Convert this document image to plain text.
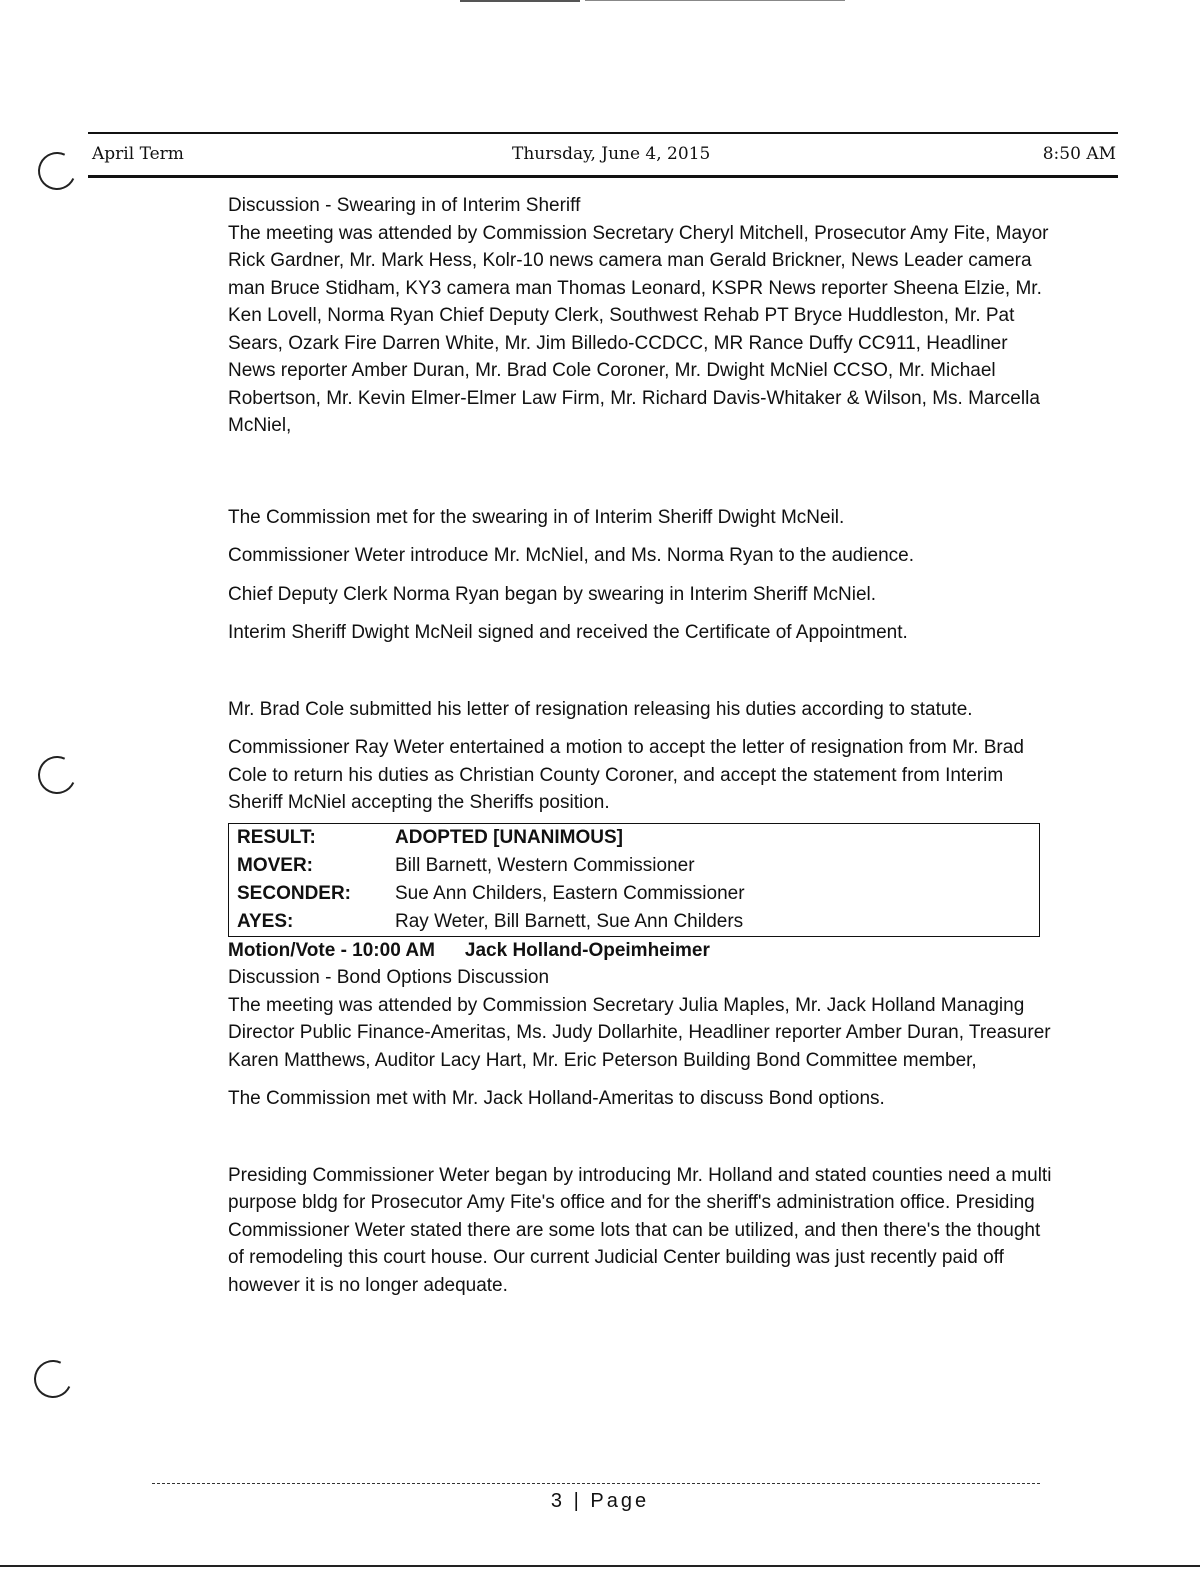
April Term	Thursday, June 4, 2015	8:50 AM

Discussion - Swearing in of Interim Sheriff

The meeting was attended by Commission Secretary Cheryl Mitchell, Prosecutor Amy Fite, Mayor Rick Gardner, Mr. Mark Hess, Kolr-10 news camera man Gerald Brickner, News Leader camera man Bruce Stidham, KY3 camera man Thomas Leonard, KSPR News reporter Sheena Elzie, Mr. Ken Lovell, Norma Ryan Chief Deputy Clerk, Southwest Rehab PT Bryce Huddleston, Mr. Pat Sears, Ozark Fire Darren White, Mr. Jim Billedo-CCDCC, MR Rance Duffy CC911, Headliner News reporter Amber Duran, Mr. Brad Cole Coroner, Mr. Dwight McNiel CCSO, Mr. Michael Robertson, Mr. Kevin Elmer-Elmer Law Firm, Mr. Richard Davis-Whitaker & Wilson, Ms. Marcella McNiel,

The Commission met for the swearing in of Interim Sheriff Dwight McNeil.

Commissioner Weter introduce Mr. McNiel, and Ms. Norma Ryan to the audience.

Chief Deputy Clerk Norma Ryan began by swearing in Interim Sheriff McNiel.

Interim Sheriff Dwight McNeil signed and received the Certificate of Appointment.

Mr. Brad Cole submitted his letter of resignation releasing his duties according to statute.

Commissioner Ray Weter entertained a motion to accept the letter of resignation from Mr. Brad Cole to return his duties as Christian County Coroner, and accept the statement from Interim Sheriff McNiel accepting the Sheriffs position.

RESULT:	ADOPTED [UNANIMOUS]
MOVER:	Bill Barnett, Western Commissioner
SECONDER:	Sue Ann Childers, Eastern Commissioner
AYES:	Ray Weter, Bill Barnett, Sue Ann Childers

Motion/Vote - 10:00 AM Jack Holland-Opeimheimer

Discussion - Bond Options Discussion

The meeting was attended by Commission Secretary Julia Maples, Mr. Jack Holland Managing Director Public Finance-Ameritas, Ms. Judy Dollarhite, Headliner reporter Amber Duran, Treasurer Karen Matthews, Auditor Lacy Hart, Mr. Eric Peterson Building Bond Committee member,

The Commission met with Mr. Jack Holland-Ameritas to discuss Bond options.

Presiding Commissioner Weter began by introducing Mr. Holland and stated counties need a multi purpose bldg for Prosecutor Amy Fite's office and for the sheriff's administration office. Presiding Commissioner Weter stated there are some lots that can be utilized, and then there's the thought of remodeling this court house. Our current Judicial Center building was just recently paid off however it is no longer adequate.

3 | Page
